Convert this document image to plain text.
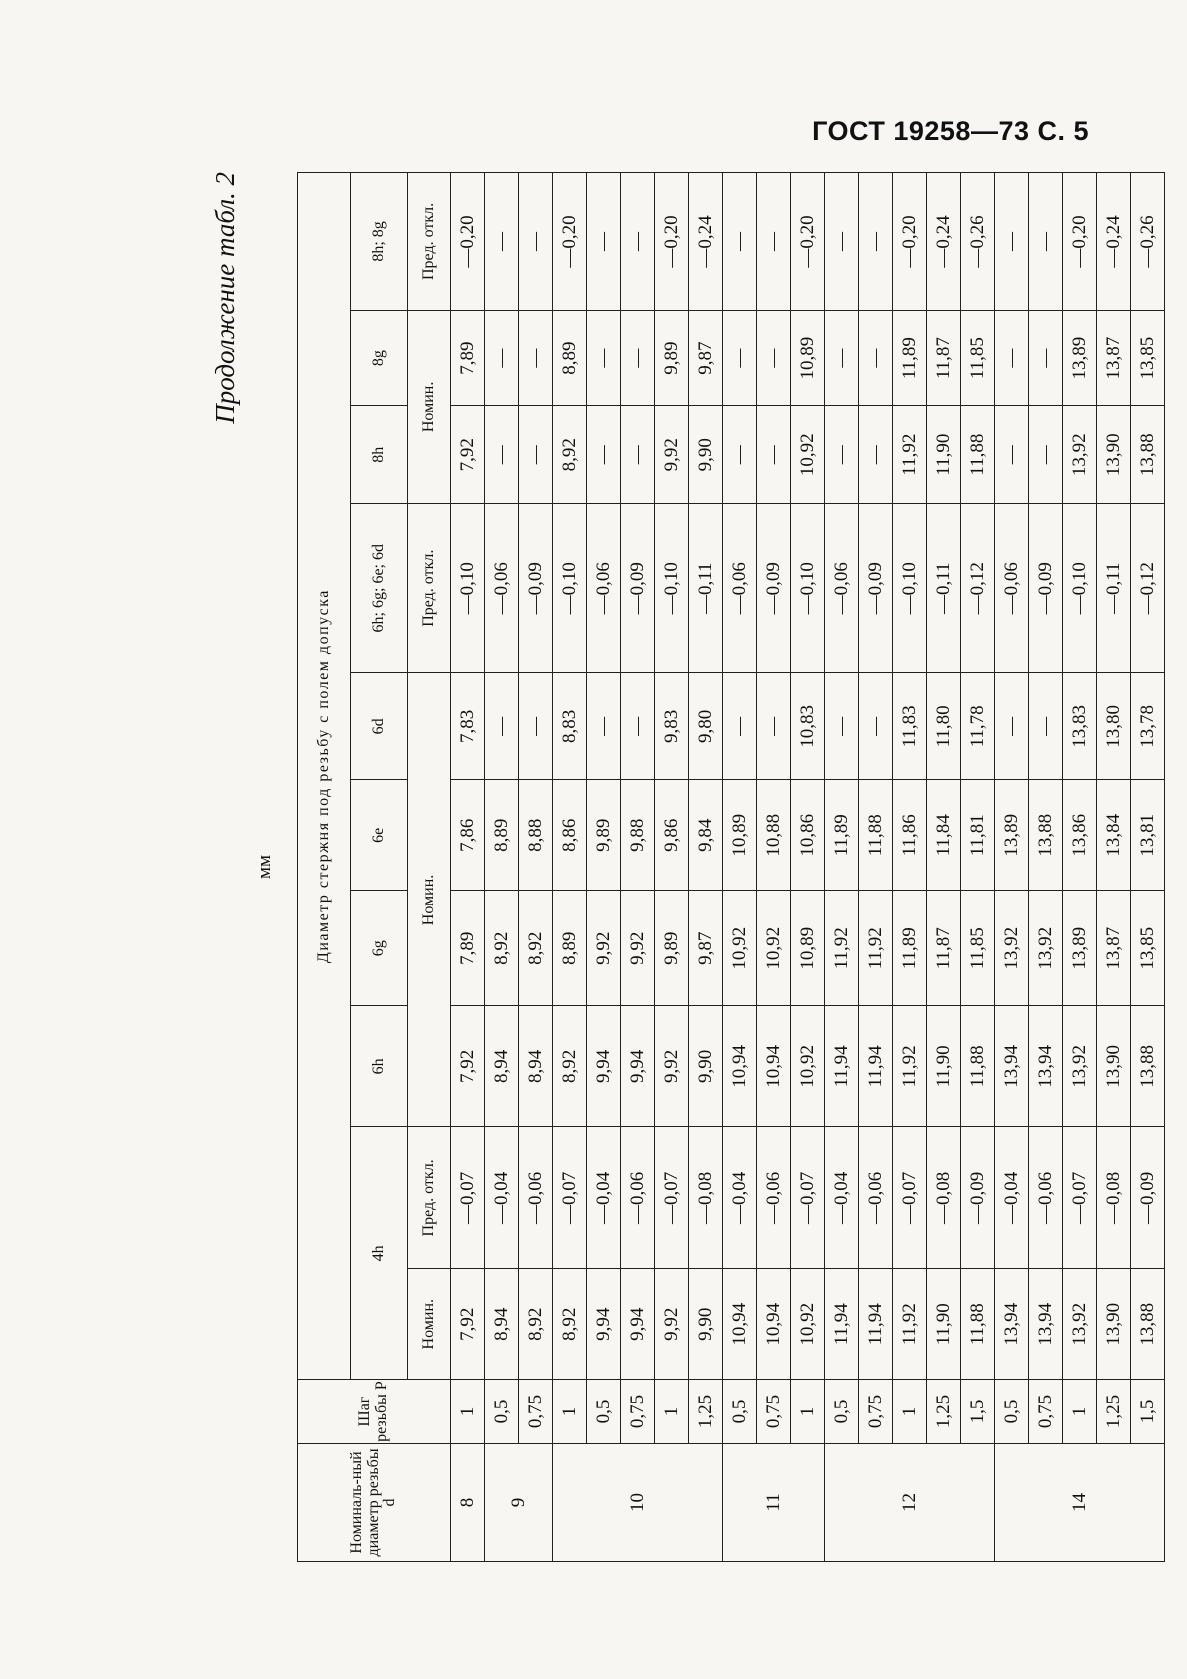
ГОСТ 19258—73 С. 5
Продолжение табл. 2
мм
Номиналь-ный диаметр резьбы d	Шаг резьбы P	Диаметр стержня под резьбу с полем допуска									
		4h		6h	6g	6e	6d	6h; 6g; 6e; 6d	8h	8g	8h; 8g
		Номин.	Пред. откл.	Номин.				Пред. откл.	Номин.		Пред. откл.
8	1	7,92	—0,07	7,92	7,89	7,86	7,83	—0,10	7,92	7,89	—0,20
9	0,5	8,94	—0,04	8,94	8,92	8,89	—	—0,06	—	—	—
	0,75	8,92	—0,06	8,94	8,92	8,88	—	—0,09	—	—	—
10	1	8,92	—0,07	8,92	8,89	8,86	8,83	—0,10	8,92	8,89	—0,20
	0,5	9,94	—0,04	9,94	9,92	9,89	—	—0,06	—	—	—
	0,75	9,94	—0,06	9,94	9,92	9,88	—	—0,09	—	—	—
	1	9,92	—0,07	9,92	9,89	9,86	9,83	—0,10	9,92	9,89	—0,20
	1,25	9,90	—0,08	9,90	9,87	9,84	9,80	—0,11	9,90	9,87	—0,24
11	0,5	10,94	—0,04	10,94	10,92	10,89	—	—0,06	—	—	—
	0,75	10,94	—0,06	10,94	10,92	10,88	—	—0,09	—	—	—
	1	10,92	—0,07	10,92	10,89	10,86	10,83	—0,10	10,92	10,89	—0,20
12	0,5	11,94	—0,04	11,94	11,92	11,89	—	—0,06	—	—	—
	0,75	11,94	—0,06	11,94	11,92	11,88	—	—0,09	—	—	—
	1	11,92	—0,07	11,92	11,89	11,86	11,83	—0,10	11,92	11,89	—0,20
	1,25	11,90	—0,08	11,90	11,87	11,84	11,80	—0,11	11,90	11,87	—0,24
	1,5	11,88	—0,09	11,88	11,85	11,81	11,78	—0,12	11,88	11,85	—0,26
14	0,5	13,94	—0,04	13,94	13,92	13,89	—	—0,06	—	—	—
	0,75	13,94	—0,06	13,94	13,92	13,88	—	—0,09	—	—	—
	1	13,92	—0,07	13,92	13,89	13,86	13,83	—0,10	13,92	13,89	—0,20
	1,25	13,90	—0,08	13,90	13,87	13,84	13,80	—0,11	13,90	13,87	—0,24
	1,5	13,88	—0,09	13,88	13,85	13,81	13,78	—0,12	13,88	13,85	—0,26
